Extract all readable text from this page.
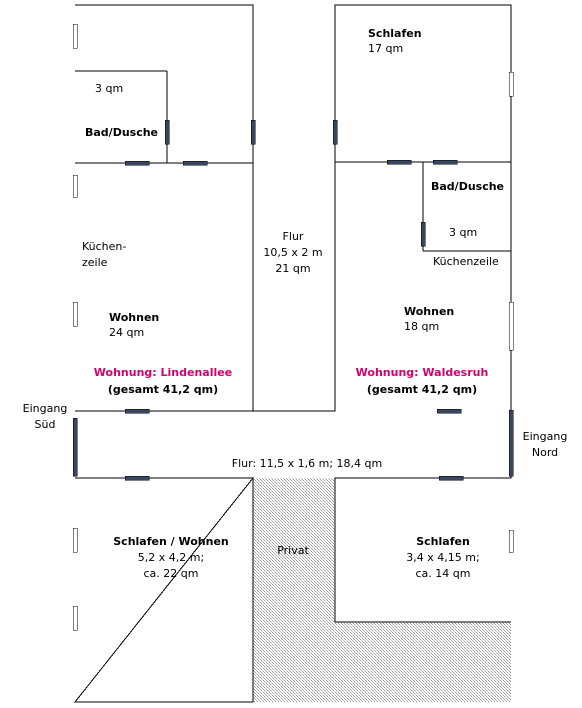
Schlafen
17 qm
3 qm
Bad/Dusche
Bad/Dusche
3 qm
Küchen-
zeile	Küchenzeile
Flur
10,5 x 2 m
21 qm
Wohnen
24 qm
Wohnen
18 qm
Wohnung: Lindenallee
(gesamt 41,2 qm)
Wohnung: Waldesruh
(gesamt 41,2 qm)
Eingang
Süd
Eingang
Nord
Flur: 11,5 x 1,6 m; 18,4 qm
Schlafen / Wohnen
5,2 x 4,2 m;
ca. 22 qm
Privat
Schlafen
3,4 x 4,15 m;
ca. 14 qm
